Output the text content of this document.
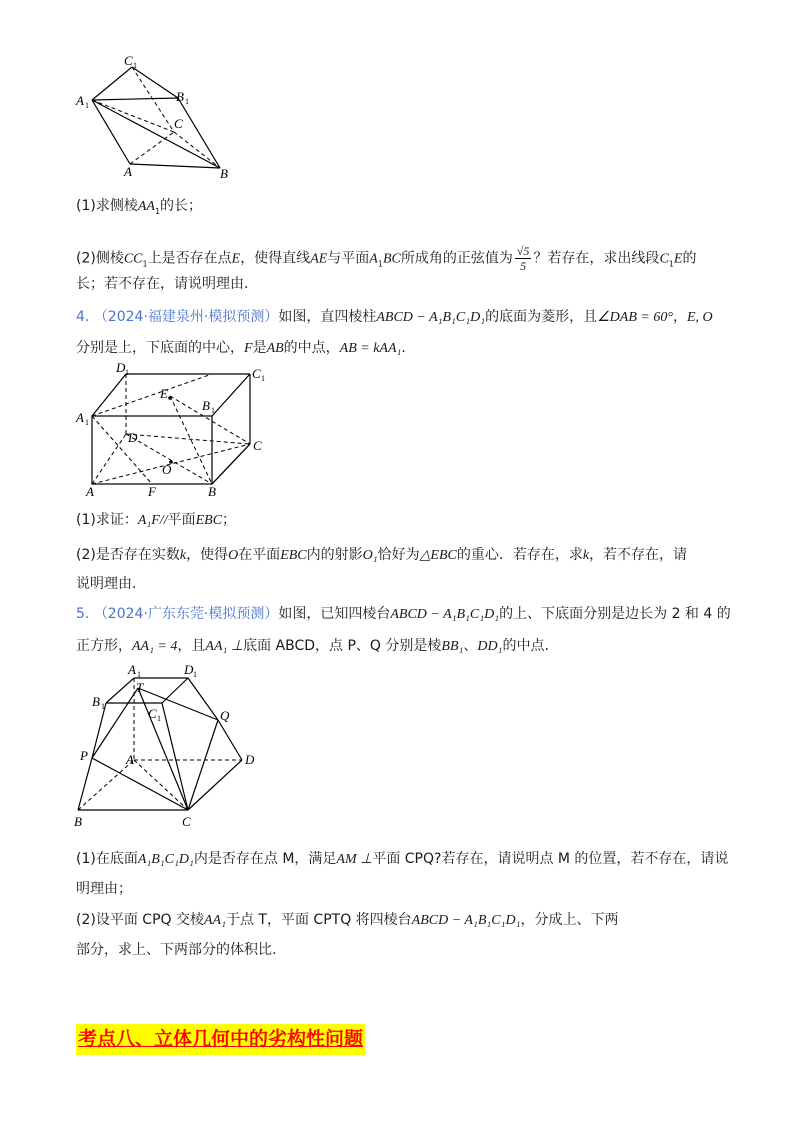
C 1
A 1
B 1
C
A	B
(1)求侧棱$AA_1$的长；
(2)侧棱$CC_1$上是否存在点E，使得直线AE与平面$A_1BC$所成角的正弦值为 $\frac{√5}{5}$ ？若存在，求出线段$C_1E$的
长；若不存在，请说明理由.
4. （2024·福建泉州·模拟预测）如图，直四棱柱ABCD − A₁B₁C₁D₁的底面为菱形，且∠DAB = 60°，E, O
分别是上，下底面的中心，F是AB的中点，AB = kAA₁.
D 1	C 1
E
B 1
A 1
D
C
O
A	F	B
(1)求证：A₁F//平面EBC；
(2)是否存在实数k，使得O在平面EBC内的射影O₁恰好为△EBC的重心．若存在，求k，若不存在，请
说明理由.
5. （2024·广东东莞·模拟预测）如图，已知四棱台ABCD − A₁B₁C₁D₁的上、下底面分别是边长为 2 和 4 的
正方形，AA₁ = 4，且AA₁ ⊥底面 ABCD，点 P、Q 分别是棱BB₁、DD₁的中点.
A 1	D 1
T
B 1	C 1	Q
P	A	D
B	C
(1)在底面A₁B₁C₁D₁内是否存在点 M，满足AM ⊥平面 CPQ?若存在，请说明点 M 的位置，若不存在，请说
明理由；
(2)设平面 CPQ 交棱AA₁于点 T，平面 CPTQ 将四棱台ABCD − A₁B₁C₁D₁，分成上、下两
部分，求上、下两部分的体积比.
考点八、立体几何中的劣构性问题
